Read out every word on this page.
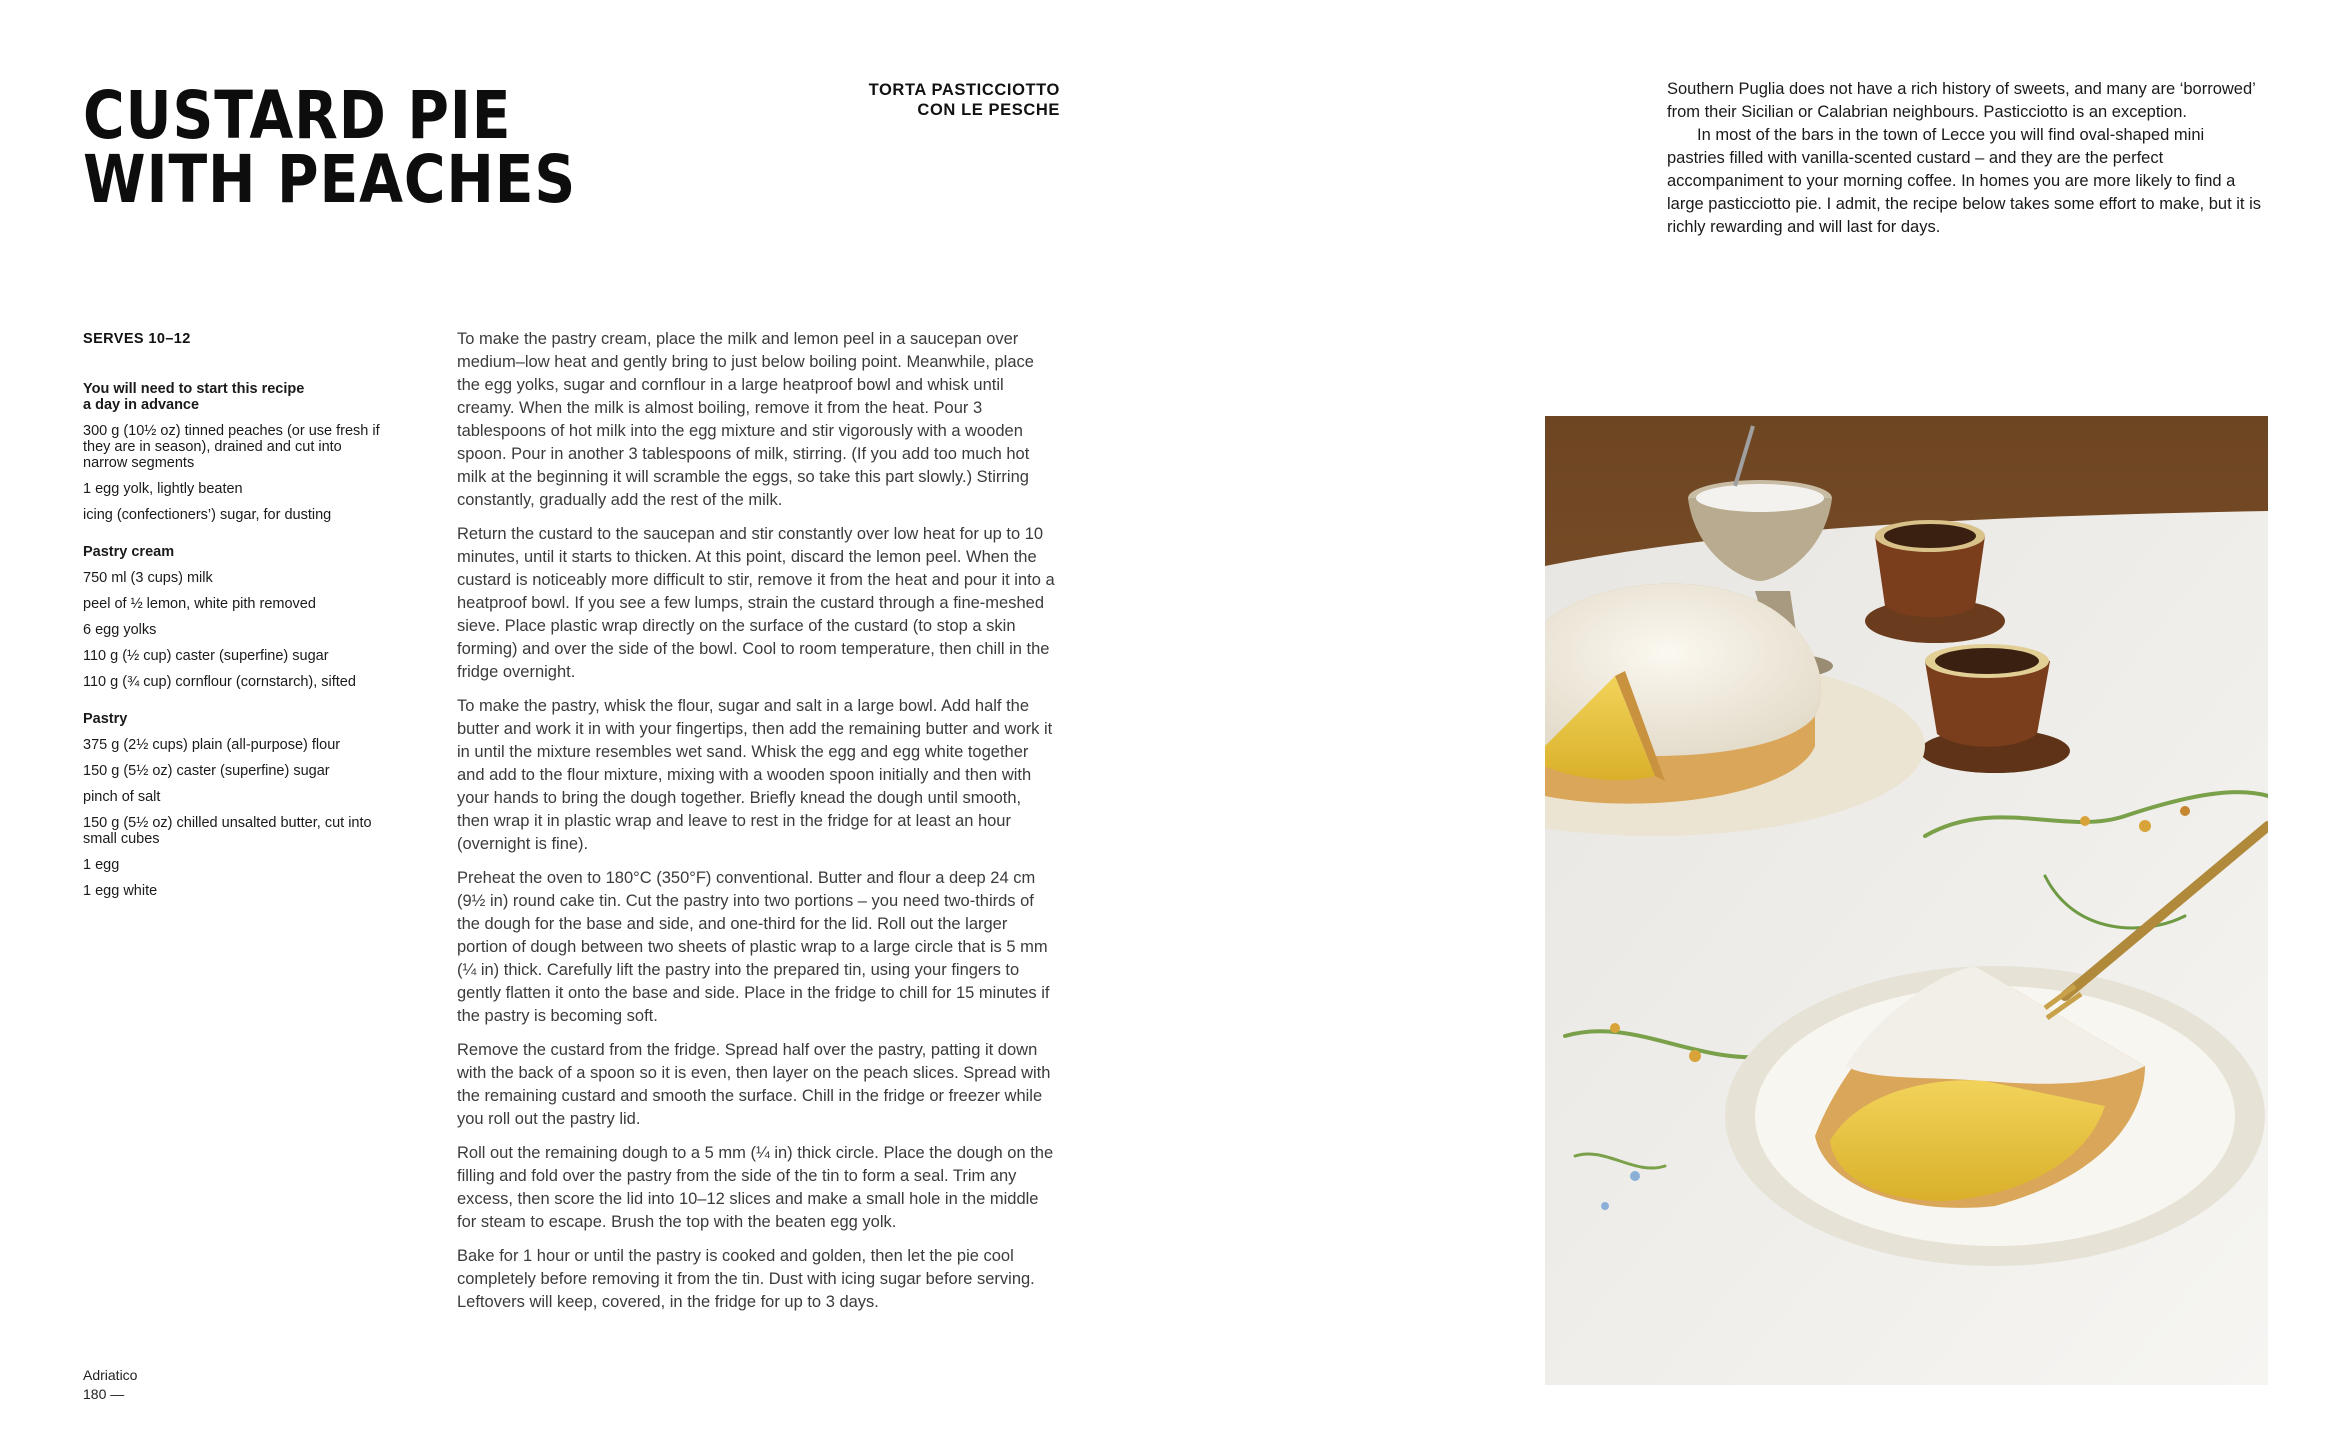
CUSTARD PIE
WITH PEACHES
TORTA PASTICCIOTTO
CON LE PESCHE

Southern Puglia does not have a rich history of sweets, and many are ‘borrowed’ from their Sicilian or Calabrian neighbours. Pasticciotto is an exception.

In most of the bars in the town of Lecce you will find oval-shaped mini pastries filled with vanilla-scented custard – and they are the perfect accompaniment to your morning coffee. In homes you are more likely to find a large pasticciotto pie. I admit, the recipe below takes some effort to make, but it is richly rewarding and will last for days.

SERVES 10–12
You will need to start this recipe
a day in advance
300 g (10½ oz) tinned peaches (or use fresh if they are in season), drained and cut into narrow segments
1 egg yolk, lightly beaten
icing (confectioners’) sugar, for dusting
Pastry cream
750 ml (3 cups) milk
peel of ½ lemon, white pith removed
6 egg yolks
110 g (½ cup) caster (superfine) sugar
110 g (¾ cup) cornflour (cornstarch), sifted
Pastry
375 g (2½ cups) plain (all-purpose) flour
150 g (5½ oz) caster (superfine) sugar
pinch of salt
150 g (5½ oz) chilled unsalted butter, cut into small cubes
1 egg
1 egg white

To make the pastry cream, place the milk and lemon peel in a saucepan over medium–low heat and gently bring to just below boiling point. Meanwhile, place the egg yolks, sugar and cornflour in a large heatproof bowl and whisk until creamy. When the milk is almost boiling, remove it from the heat. Pour 3 tablespoons of hot milk into the egg mixture and stir vigorously with a wooden spoon. Pour in another 3 tablespoons of milk, stirring. (If you add too much hot milk at the beginning it will scramble the eggs, so take this part slowly.) Stirring constantly, gradually add the rest of the milk.

Return the custard to the saucepan and stir constantly over low heat for up to 10 minutes, until it starts to thicken. At this point, discard the lemon peel. When the custard is noticeably more difficult to stir, remove it from the heat and pour it into a heatproof bowl. If you see a few lumps, strain the custard through a fine-meshed sieve. Place plastic wrap directly on the surface of the custard (to stop a skin forming) and over the side of the bowl. Cool to room temperature, then chill in the fridge overnight.

To make the pastry, whisk the flour, sugar and salt in a large bowl. Add half the butter and work it in with your fingertips, then add the remaining butter and work it in until the mixture resembles wet sand. Whisk the egg and egg white together and add to the flour mixture, mixing with a wooden spoon initially and then with your hands to bring the dough together. Briefly knead the dough until smooth, then wrap it in plastic wrap and leave to rest in the fridge for at least an hour (overnight is fine).

Preheat the oven to 180°C (350°F) conventional. Butter and flour a deep 24 cm (9½ in) round cake tin. Cut the pastry into two portions – you need two-thirds of the dough for the base and side, and one-third for the lid. Roll out the larger portion of dough between two sheets of plastic wrap to a large circle that is 5 mm (¼ in) thick. Carefully lift the pastry into the prepared tin, using your fingers to gently flatten it onto the base and side. Place in the fridge to chill for 15 minutes if the pastry is becoming soft.

Remove the custard from the fridge. Spread half over the pastry, patting it down with the back of a spoon so it is even, then layer on the peach slices. Spread with the remaining custard and smooth the surface. Chill in the fridge or freezer while you roll out the pastry lid.

Roll out the remaining dough to a 5 mm (¼ in) thick circle. Place the dough on the filling and fold over the pastry from the side of the tin to form a seal. Trim any excess, then score the lid into 10–12 slices and make a small hole in the middle for steam to escape. Brush the top with the beaten egg yolk.

Bake for 1 hour or until the pastry is cooked and golden, then let the pie cool completely before removing it from the tin. Dust with icing sugar before serving. Leftovers will keep, covered, in the fridge for up to 3 days.

Adriatico
180 —
